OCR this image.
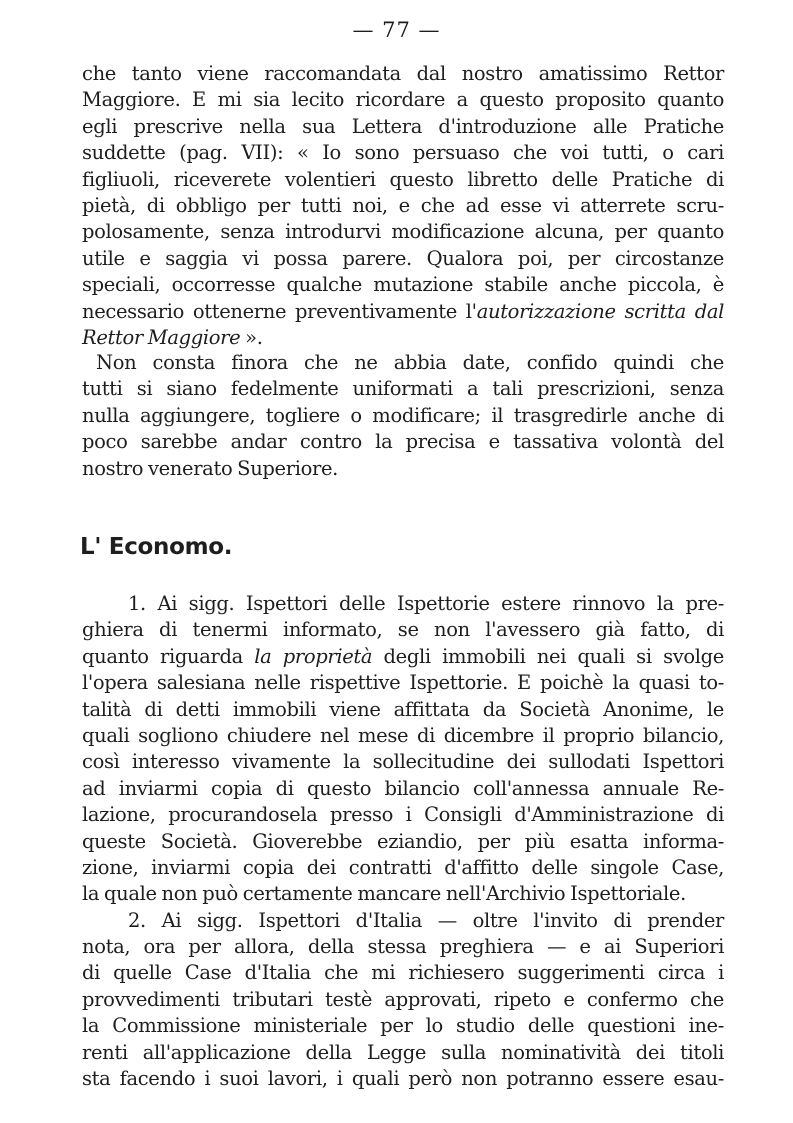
— 77 —
che tanto viene raccomandata dal nostro amatissimo Rettor
Maggiore. E mi sia lecito ricordare a questo proposito quanto
egli prescrive nella sua Lettera d'introduzione alle Pratiche
suddette (pag. VII): « Io sono persuaso che voi tutti, o cari
figliuoli, riceverete volentieri questo libretto delle Pratiche di
pietà, di obbligo per tutti noi, e che ad esse vi atterrete scru-
polosamente, senza introdurvi modificazione alcuna, per quanto
utile e saggia vi possa parere. Qualora poi, per circostanze
speciali, occorresse qualche mutazione stabile anche piccola, è
necessario ottenerne preventivamente l'autorizzazione scritta dal
Rettor Maggiore ».
Non consta finora che ne abbia date, confido quindi che
tutti si siano fedelmente uniformati a tali prescrizioni, senza
nulla aggiungere, togliere o modificare; il trasgredirle anche di
poco sarebbe andar contro la precisa e tassativa volontà del
nostro venerato Superiore.
L' Economo.
1. Ai sigg. Ispettori delle Ispettorie estere rinnovo la pre-
ghiera di tenermi informato, se non l'avessero già fatto, di
quanto riguarda la proprietà degli immobili nei quali si svolge
l'opera salesiana nelle rispettive Ispettorie. E poichè la quasi to-
talità di detti immobili viene affittata da Società Anonime, le
quali sogliono chiudere nel mese di dicembre il proprio bilancio,
così interesso vivamente la sollecitudine dei sullodati Ispettori
ad inviarmi copia di questo bilancio coll'annessa annuale Re-
lazione, procurandosela presso i Consigli d'Amministrazione di
queste Società. Gioverebbe eziandio, per più esatta informa-
zione, inviarmi copia dei contratti d'affitto delle singole Case,
la quale non può certamente mancare nell'Archivio Ispettoriale.
2. Ai sigg. Ispettori d'Italia — oltre l'invito di prender
nota, ora per allora, della stessa preghiera — e ai Superiori
di quelle Case d'Italia che mi richiesero suggerimenti circa i
provvedimenti tributari testè approvati, ripeto e confermo che
la Commissione ministeriale per lo studio delle questioni ine-
renti all'applicazione della Legge sulla nominatività dei titoli
sta facendo i suoi lavori, i quali però non potranno essere esau-
